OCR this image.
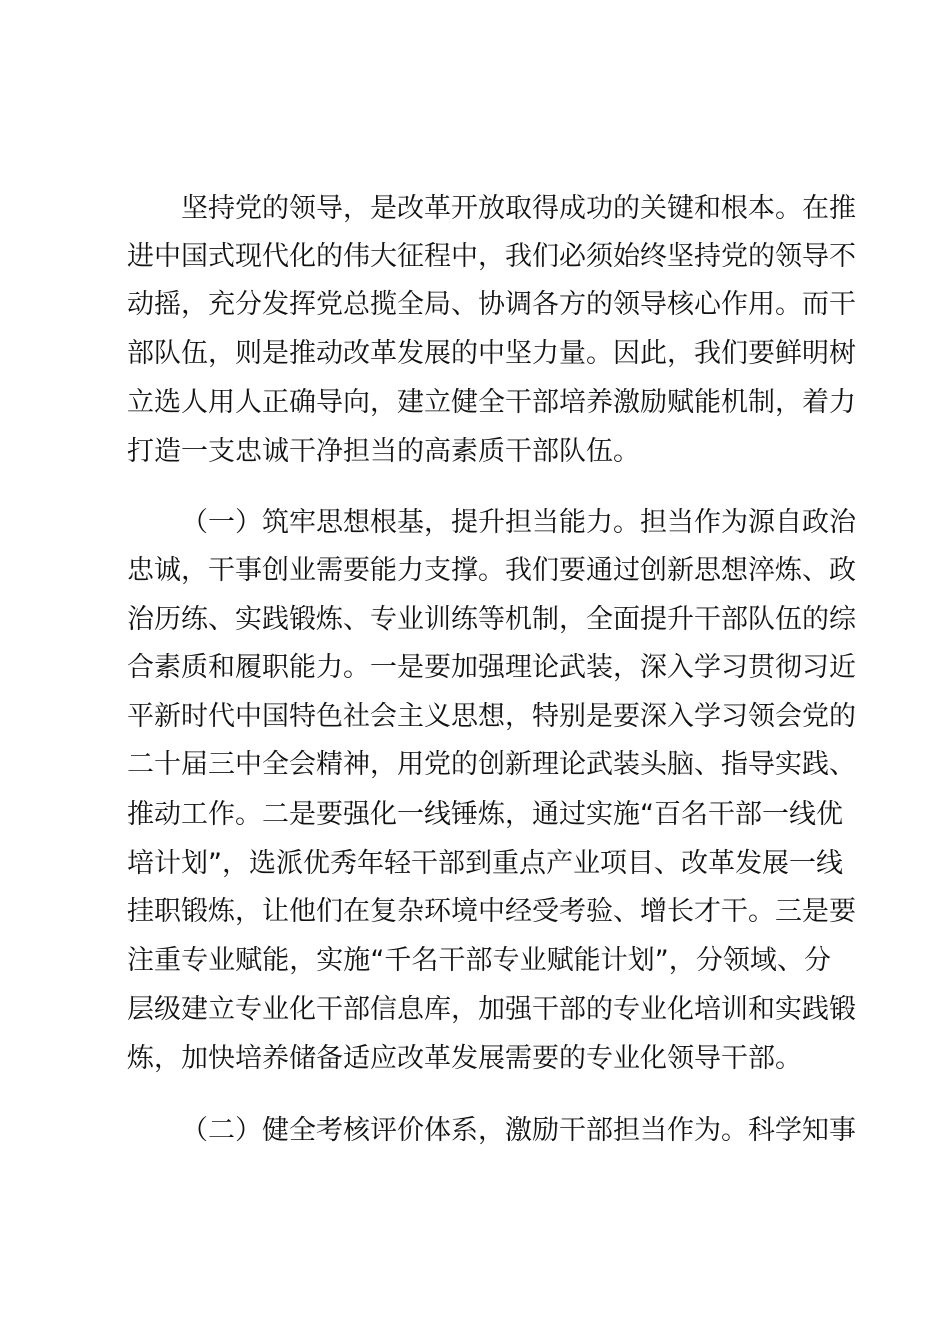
坚持党的领导，是改革开放取得成功的关键和根本。在推
进中国式现代化的伟大征程中，我们必须始终坚持党的领导不
动摇，充分发挥党总揽全局、协调各方的领导核心作用。而干
部队伍，则是推动改革发展的中坚力量。因此，我们要鲜明树
立选人用人正确导向，建立健全干部培养激励赋能机制，着力
打造一支忠诚干净担当的高素质干部队伍。
（一）筑牢思想根基，提升担当能力。担当作为源自政治
忠诚，干事创业需要能力支撑。我们要通过创新思想淬炼、政
治历练、实践锻炼、专业训练等机制，全面提升干部队伍的综
合素质和履职能力。一是要加强理论武装，深入学习贯彻习近
平新时代中国特色社会主义思想，特别是要深入学习领会党的
二十届三中全会精神，用党的创新理论武装头脑、指导实践、
推动工作。二是要强化一线锤炼，通过实施“百名干部一线优
培计划”，选派优秀年轻干部到重点产业项目、改革发展一线
挂职锻炼，让他们在复杂环境中经受考验、增长才干。三是要
注重专业赋能，实施“千名干部专业赋能计划”，分领域、分
层级建立专业化干部信息库，加强干部的专业化培训和实践锻
炼，加快培养储备适应改革发展需要的专业化领导干部。
（二）健全考核评价体系，激励干部担当作为。科学知事
